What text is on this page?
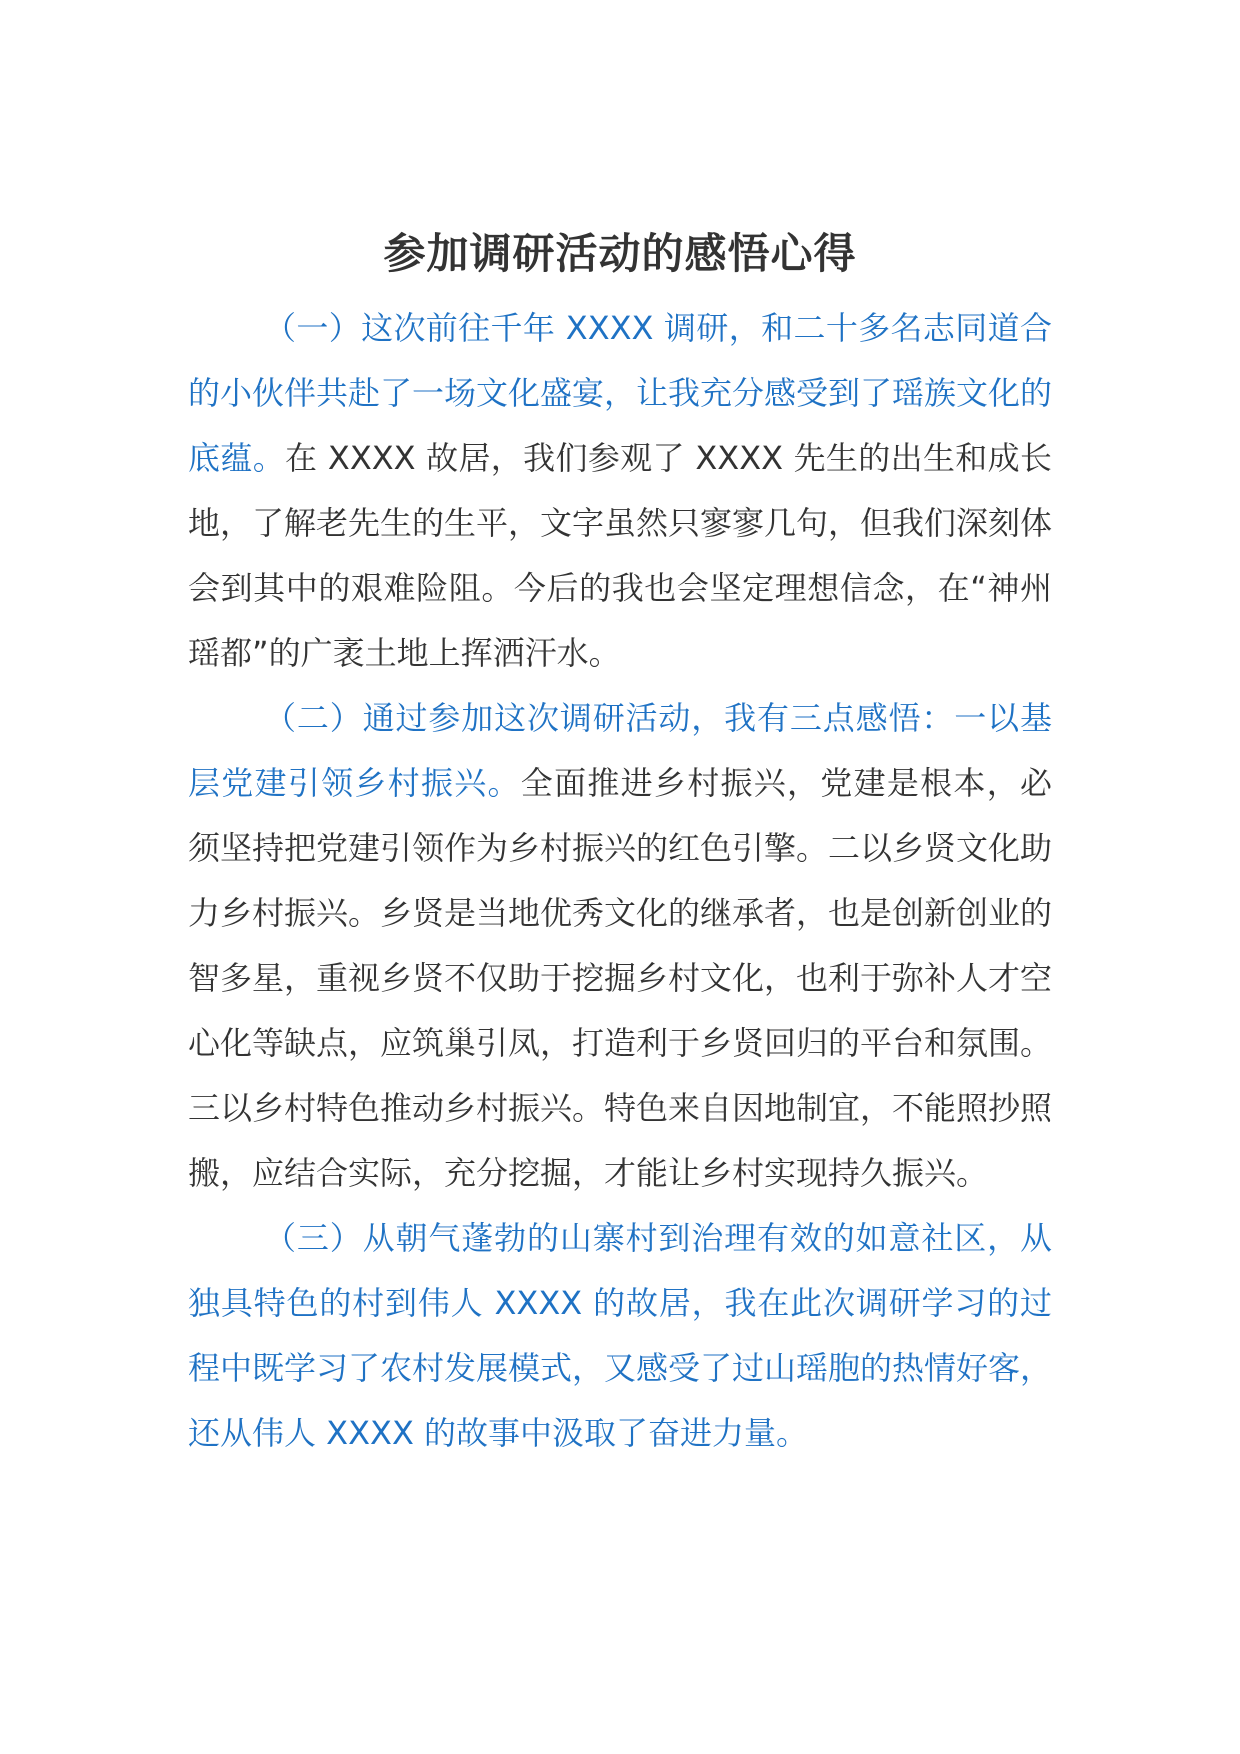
参加调研活动的感悟心得

（一）这次前往千年 XXXX 调研，和二十多名志同道合的小伙伴共赴了一场文化盛宴，让我充分感受到了瑶族文化的底蕴。在 XXXX 故居，我们参观了 XXXX 先生的出生和成长地，了解老先生的生平，文字虽然只寥寥几句，但我们深刻体会到其中的艰难险阻。今后的我也会坚定理想信念，在“神州瑶都”的广袤土地上挥洒汗水。

（二）通过参加这次调研活动，我有三点感悟：一以基层党建引领乡村振兴。全面推进乡村振兴，党建是根本，必须坚持把党建引领作为乡村振兴的红色引擎。二以乡贤文化助力乡村振兴。乡贤是当地优秀文化的继承者，也是创新创业的智多星，重视乡贤不仅助于挖掘乡村文化，也利于弥补人才空心化等缺点，应筑巢引凤，打造利于乡贤回归的平台和氛围。三以乡村特色推动乡村振兴。特色来自因地制宜，不能照抄照搬，应结合实际，充分挖掘，才能让乡村实现持久振兴。

（三）从朝气蓬勃的山寨村到治理有效的如意社区，从独具特色的村到伟人 XXXX 的故居，我在此次调研学习的过程中既学习了农村发展模式，又感受了过山瑶胞的热情好客，还从伟人 XXXX 的故事中汲取了奋进力量。
